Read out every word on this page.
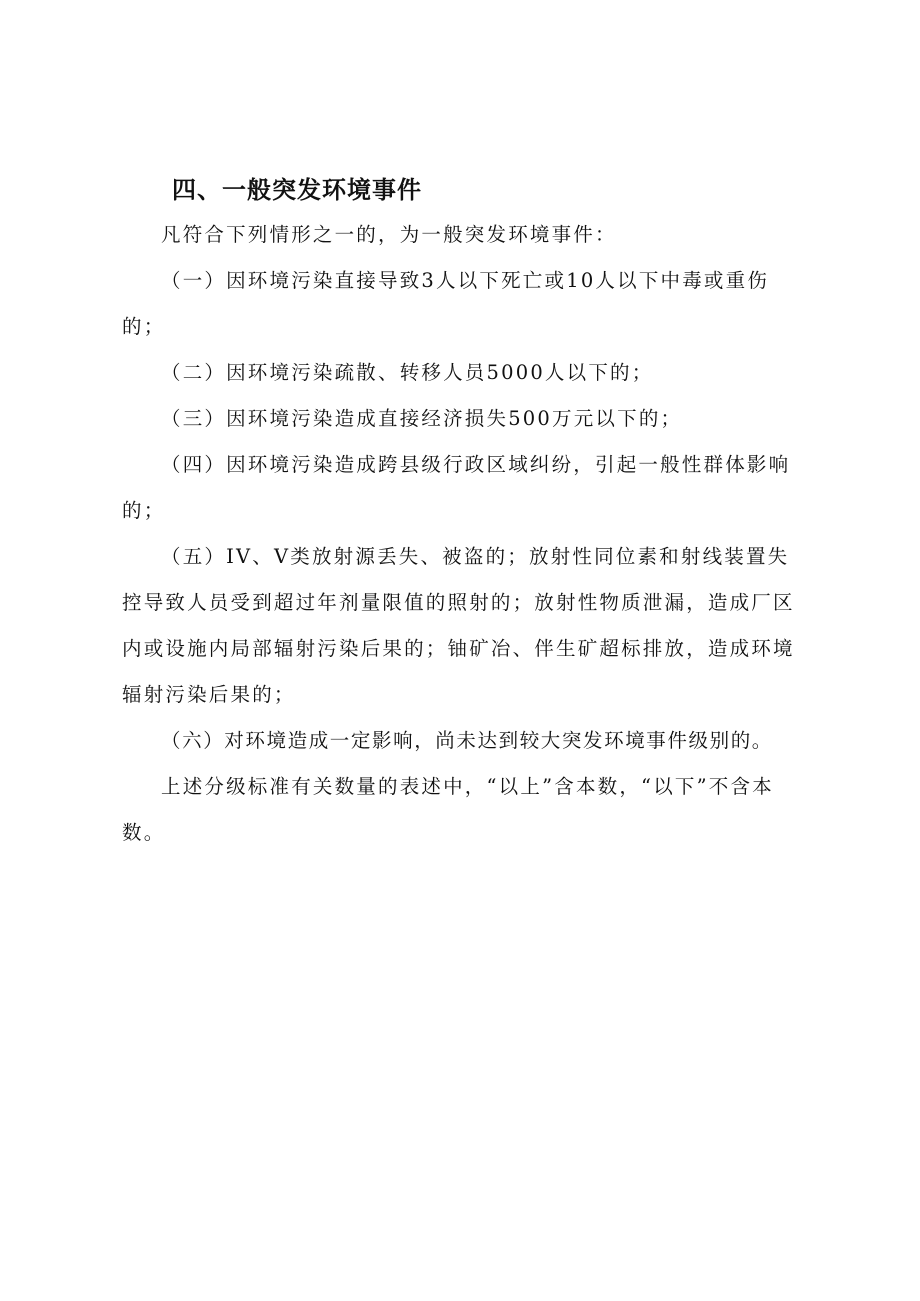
四、一般突发环境事件

凡符合下列情形之一的，为一般突发环境事件：

（一）因环境污染直接导致3人以下死亡或10人以下中毒或重伤的；

（二）因环境污染疏散、转移人员5000人以下的；

（三）因环境污染造成直接经济损失500万元以下的；

（四）因环境污染造成跨县级行政区域纠纷，引起一般性群体影响的；

（五）IV、V类放射源丢失、被盗的；放射性同位素和射线装置失控导致人员受到超过年剂量限值的照射的；放射性物质泄漏，造成厂区内或设施内局部辐射污染后果的；铀矿冶、伴生矿超标排放，造成环境辐射污染后果的；

（六）对环境造成一定影响，尚未达到较大突发环境事件级别的。

上述分级标准有关数量的表述中，“以上”含本数，“以下”不含本数。
